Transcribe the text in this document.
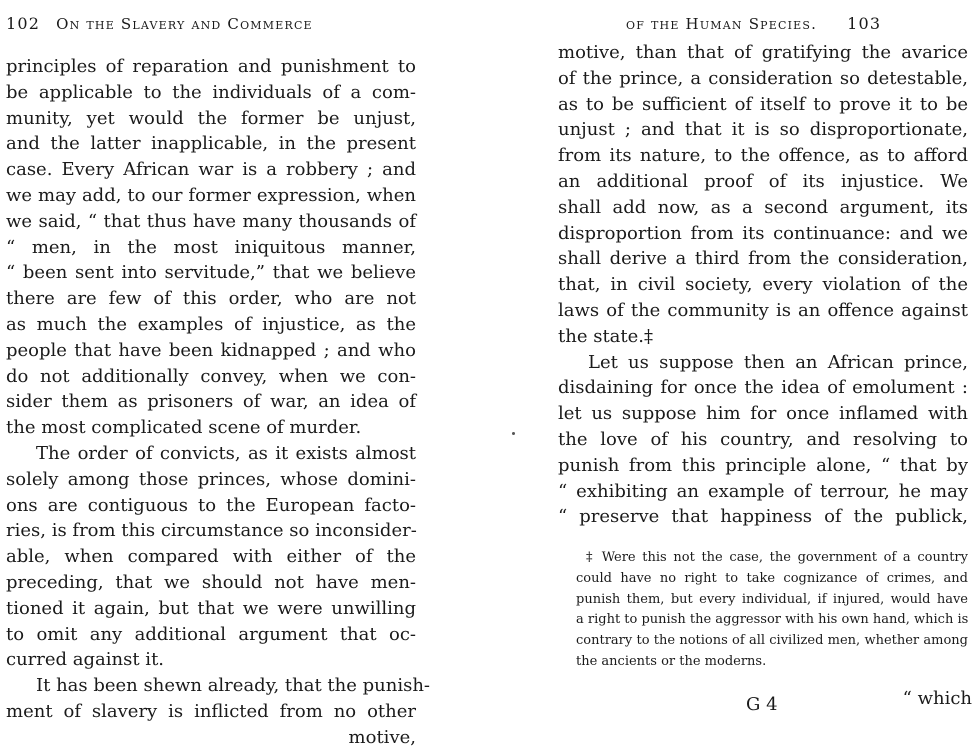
102 On the Slavery and Commerce
principles of reparation and punishment to
be applicable to the individuals of a com-
munity, yet would the former be unjust,
and the latter inapplicable, in the present
case. Every African war is a robbery ; and
we may add, to our former expression, when
we said, “ that thus have many thousands of
“ men, in the most iniquitous manner,
“ been sent into servitude,” that we believe
there are few of this order, who are not
as much the examples of injustice, as the
people that have been kidnapped ; and who
do not additionally convey, when we con-
sider them as prisoners of war, an idea of
the most complicated scene of murder.
The order of convicts, as it exists almost
solely among those princes, whose domini-
ons are contiguous to the European facto-
ries, is from this circumstance so inconsider-
able, when compared with either of the
preceding, that we should not have men-
tioned it again, but that we were unwilling
to omit any additional argument that oc-
curred against it.
It has been shewn already, that the punish-
ment of slavery is inflicted from no other
motive,
of the Human Species. 103
motive, than that of gratifying the avarice
of the prince, a consideration so detestable,
as to be sufficient of itself to prove it to be
unjust ; and that it is so disproportionate,
from its nature, to the offence, as to afford
an additional proof of its injustice. We
shall add now, as a second argument, its
disproportion from its continuance: and we
shall derive a third from the consideration,
that, in civil society, every violation of the
laws of the community is an offence against
the state.‡
Let us suppose then an African prince,
disdaining for once the idea of emolument :
let us suppose him for once inflamed with
the love of his country, and resolving to
punish from this principle alone, “ that by
“ exhibiting an example of terrour, he may
“ preserve that happiness of the publick,
‡ Were this not the case, the government of a country
could have no right to take cognizance of crimes, and
punish them, but every individual, if injured, would have
a right to punish the aggressor with his own hand, which is
contrary to the notions of all civilized men, whether among
the ancients or the moderns.
G 4	“ which
